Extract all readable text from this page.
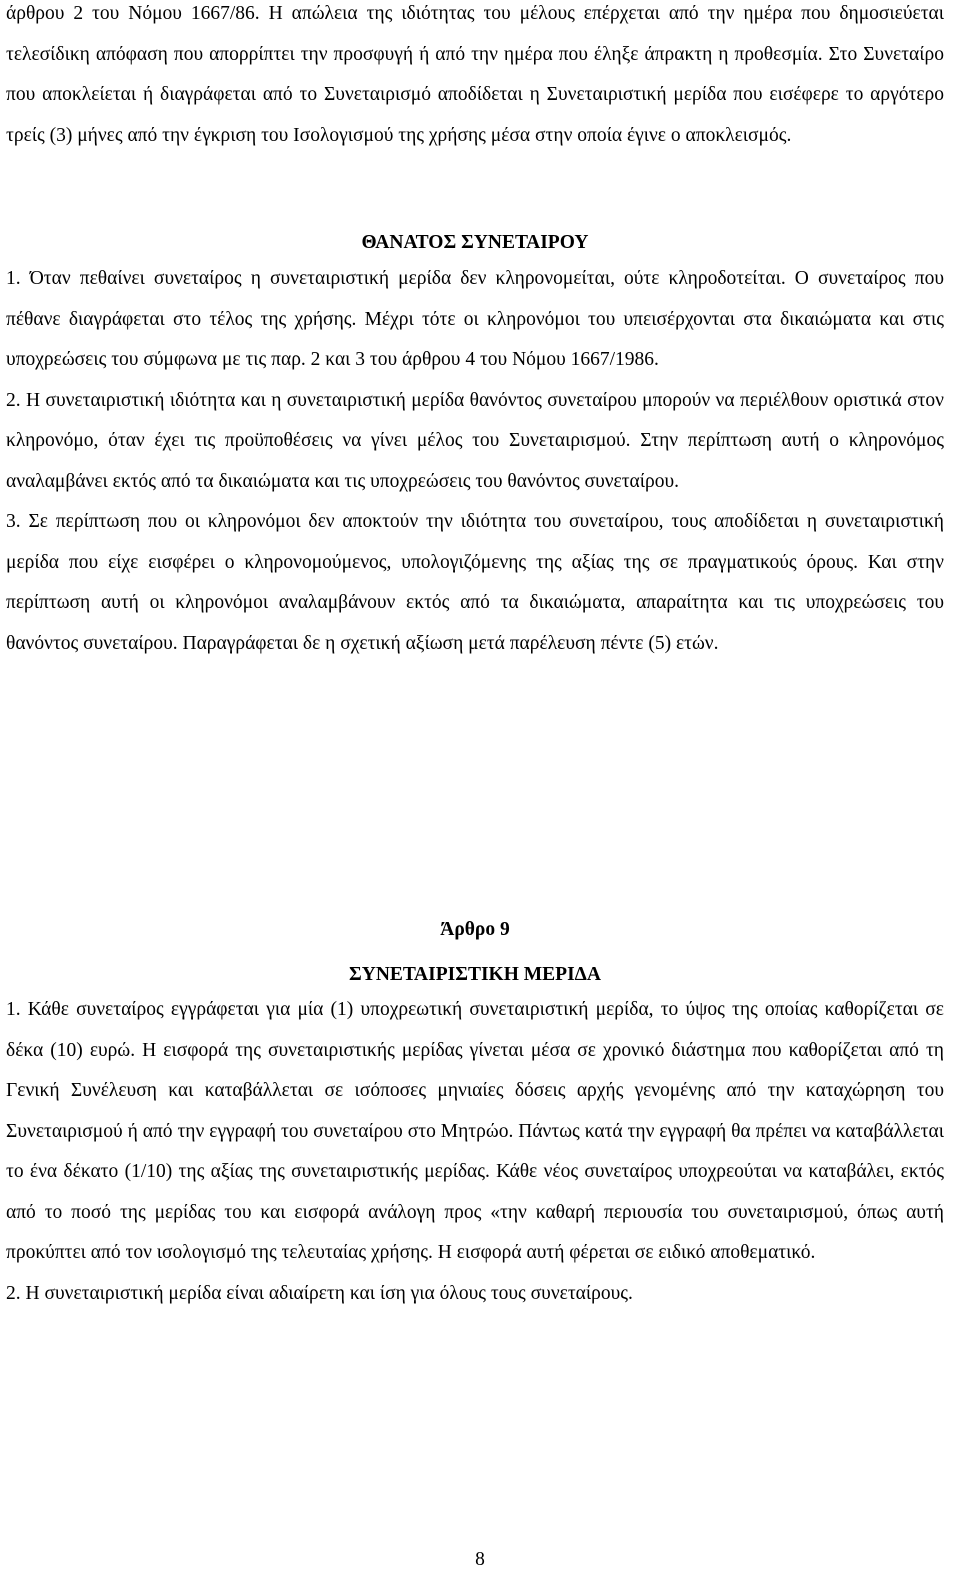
άρθρου 2 του Νόμου 1667/86. Η απώλεια της ιδιότητας του μέλους επέρχεται από την ημέρα που δημοσιεύεται τελεσίδικη απόφαση που απορρίπτει την προσφυγή ή από την ημέρα που έληξε άπρακτη η προθεσμία. Στο Συνεταίρο που αποκλείεται ή διαγράφεται από το Συνεταιρισμό αποδίδεται η Συνεταιριστική μερίδα που εισέφερε το αργότερο τρείς (3) μήνες από την έγκριση του Ισολογισμού της χρήσης μέσα στην οποία έγινε ο αποκλεισμός.

ΘΑΝΑΤΟΣ ΣΥΝΕΤΑΙΡΟΥ

1. Όταν πεθαίνει συνεταίρος η συνεταιριστική μερίδα δεν κληρονομείται, ούτε κληροδοτείται. Ο συνεταίρος που πέθανε διαγράφεται στο τέλος της χρήσης. Μέχρι τότε οι κληρονόμοι του υπεισέρχονται στα δικαιώματα και στις υποχρεώσεις του σύμφωνα με τις παρ. 2 και 3 του άρθρου 4 του Νόμου 1667/1986.

2. Η συνεταιριστική ιδιότητα και η συνεταιριστική μερίδα θανόντος συνεταίρου μπορούν να περιέλθουν οριστικά στον κληρονόμο, όταν έχει τις προϋποθέσεις να γίνει μέλος του Συνεταιρισμού. Στην περίπτωση αυτή ο κληρονόμος αναλαμβάνει εκτός από τα δικαιώματα και τις υποχρεώσεις του θανόντος συνεταίρου.

3. Σε περίπτωση που οι κληρονόμοι δεν αποκτούν την ιδιότητα του συνεταίρου, τους αποδίδεται η συνεταιριστική μερίδα που είχε εισφέρει ο κληρονομούμενος, υπολογιζόμενης της αξίας της σε πραγματικούς όρους. Και στην περίπτωση αυτή οι κληρονόμοι αναλαμβάνουν εκτός από τα δικαιώματα, απαραίτητα και τις υποχρεώσεις του θανόντος συνεταίρου. Παραγράφεται δε η σχετική αξίωση μετά παρέλευση πέντε (5) ετών.

Άρθρο 9
ΣΥΝΕΤΑΙΡΙΣΤΙΚΗ ΜΕΡΙΔΑ

1. Κάθε συνεταίρος εγγράφεται για μία (1) υποχρεωτική συνεταιριστική μερίδα, το ύψος της οποίας καθορίζεται σε δέκα (10) ευρώ. Η εισφορά της συνεταιριστικής μερίδας γίνεται μέσα σε χρονικό διάστημα που καθορίζεται από τη Γενική Συνέλευση και καταβάλλεται σε ισόποσες μηνιαίες δόσεις αρχής γενομένης από την καταχώρηση του Συνεταιρισμού ή από την εγγραφή του συνεταίρου στο Μητρώο. Πάντως κατά την εγγραφή θα πρέπει να καταβάλλεται το ένα δέκατο (1/10) της αξίας της συνεταιριστικής μερίδας. Κάθε νέος συνεταίρος υποχρεούται να καταβάλει, εκτός από το ποσό της μερίδας του και εισφορά ανάλογη προς «την καθαρή περιουσία του συνεταιρισμού, όπως αυτή προκύπτει από τον ισολογισμό της τελευταίας χρήσης. Η εισφορά αυτή φέρεται σε ειδικό αποθεματικό.

2. Η συνεταιριστική μερίδα είναι αδιαίρετη και ίση για όλους τους συνεταίρους.

8
